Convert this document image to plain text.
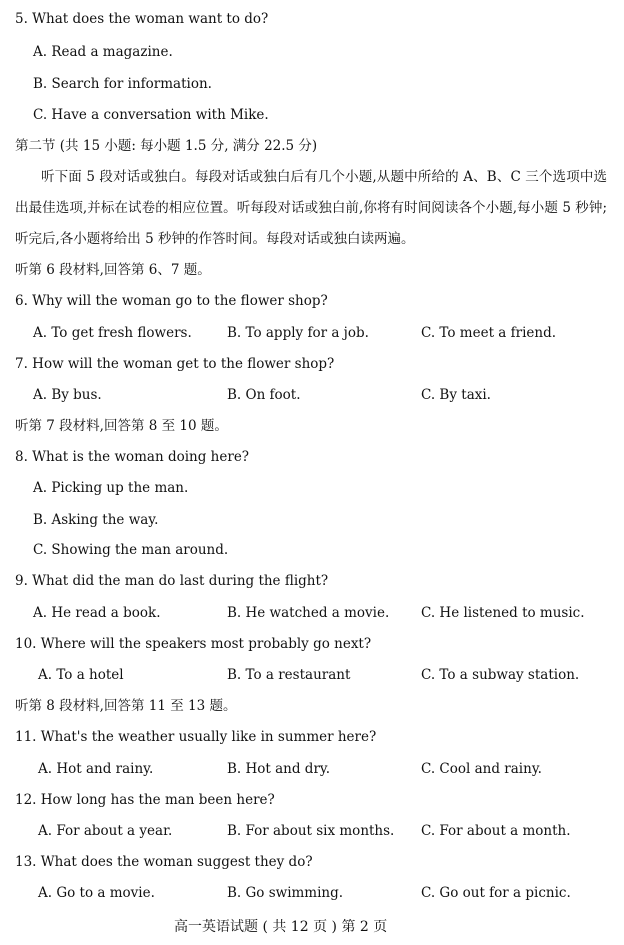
5. What does the woman want to do?
A. Read a magazine.
B. Search for information.
C. Have a conversation with Mike.
第二节 (共 15 小题: 每小题 1.5 分, 满分 22.5 分)
听下面 5 段对话或独白。每段对话或独白后有几个小题,从题中所给的 A、B、C 三个选项中选出最佳选项,并标在试卷的相应位置。听每段对话或独白前,你将有时间阅读各个小题,每小题 5 秒钟;听完后,各小题将给出 5 秒钟的作答时间。每段对话或独白读两遍。
听第 6 段材料,回答第 6、7 题。
6. Why will the woman go to the flower shop?
A. To get fresh flowers.	B. To apply for a job.	C. To meet a friend.
7. How will the woman get to the flower shop?
A. By bus.	B. On foot.	C. By taxi.
听第 7 段材料,回答第 8 至 10 题。
8. What is the woman doing here?
A. Picking up the man.
B. Asking the way.
C. Showing the man around.
9. What did the man do last during the flight?
A. He read a book.	B. He watched a movie. C. He listened to music.
10. Where will the speakers most probably go next?
A. To a hotel	B. To a restaurant	C. To a subway station.
听第 8 段材料,回答第 11 至 13 题。
11. What's the weather usually like in summer here?
A. Hot and rainy.	B. Hot and dry.	C. Cool and rainy.
12. How long has the man been here?
A. For about a year.	B. For about six months. C. For about a month.
13. What does the woman suggest they do?
A. Go to a movie.	B. Go swimming.	C. Go out for a picnic.
高一英语试题 ( 共 12 页 ) 第 2 页
